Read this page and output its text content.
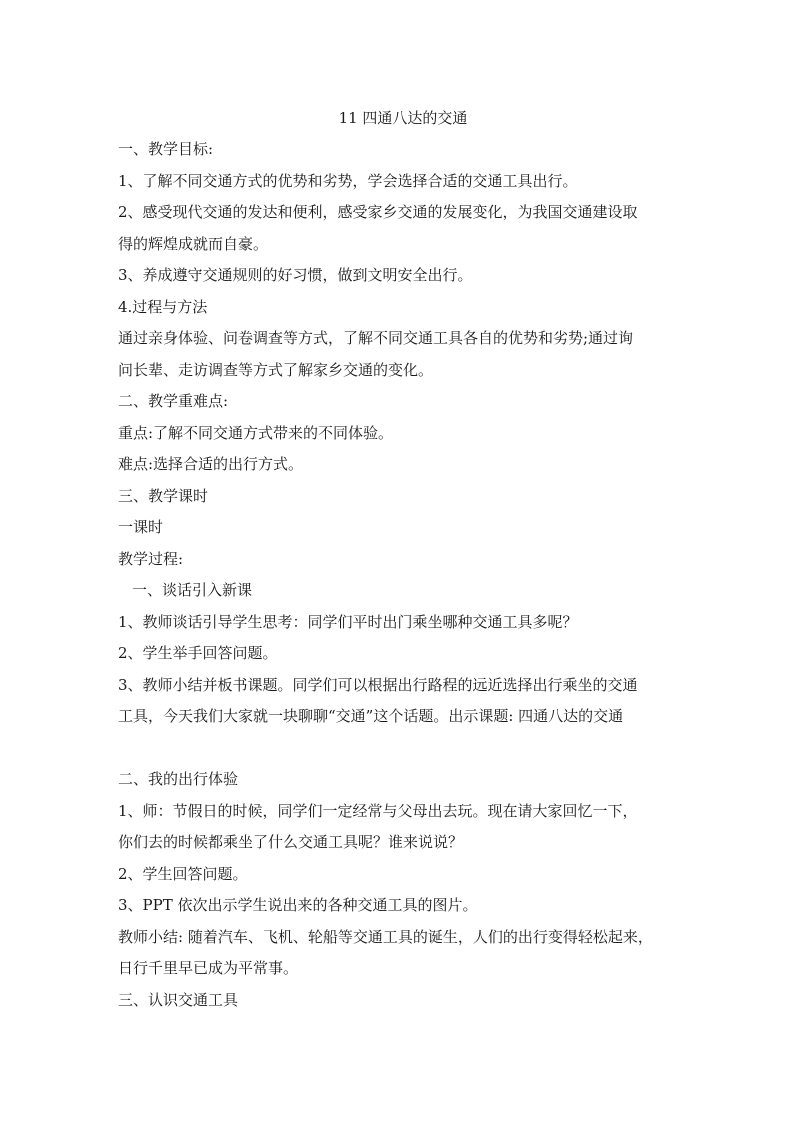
11 四通八达的交通
一、教学目标:
1、了解不同交通方式的优势和劣势，学会选择合适的交通工具出行。
2、感受现代交通的发达和便利，感受家乡交通的发展变化，为我国交通建设取
得的辉煌成就而自豪。
3、养成遵守交通规则的好习惯，做到文明安全出行。
4.过程与方法
通过亲身体验、问卷调查等方式，了解不同交通工具各自的优势和劣势;通过询
问长辈、走访调查等方式了解家乡交通的变化。
二、教学重难点:
重点:了解不同交通方式带来的不同体验。
难点:选择合适的出行方式。
三、教学课时
一课时
教学过程:
一、谈话引入新课
1、教师谈话引导学生思考：同学们平时出门乘坐哪种交通工具多呢？
2、学生举手回答问题。
3、教师小结并板书课题。同学们可以根据出行路程的远近选择出行乘坐的交通
工具，今天我们大家就一块聊聊“交通”这个话题。出示课题: 四通八达的交通
二、我的出行体验
1、师：节假日的时候，同学们一定经常与父母出去玩。现在请大家回忆一下，
你们去的时候都乘坐了什么交通工具呢？谁来说说？
2、学生回答问题。
3、PPT 依次出示学生说出来的各种交通工具的图片。
教师小结: 随着汽车、飞机、轮船等交通工具的诞生，人们的出行变得轻松起来，
日行千里早已成为平常事。
三、认识交通工具
